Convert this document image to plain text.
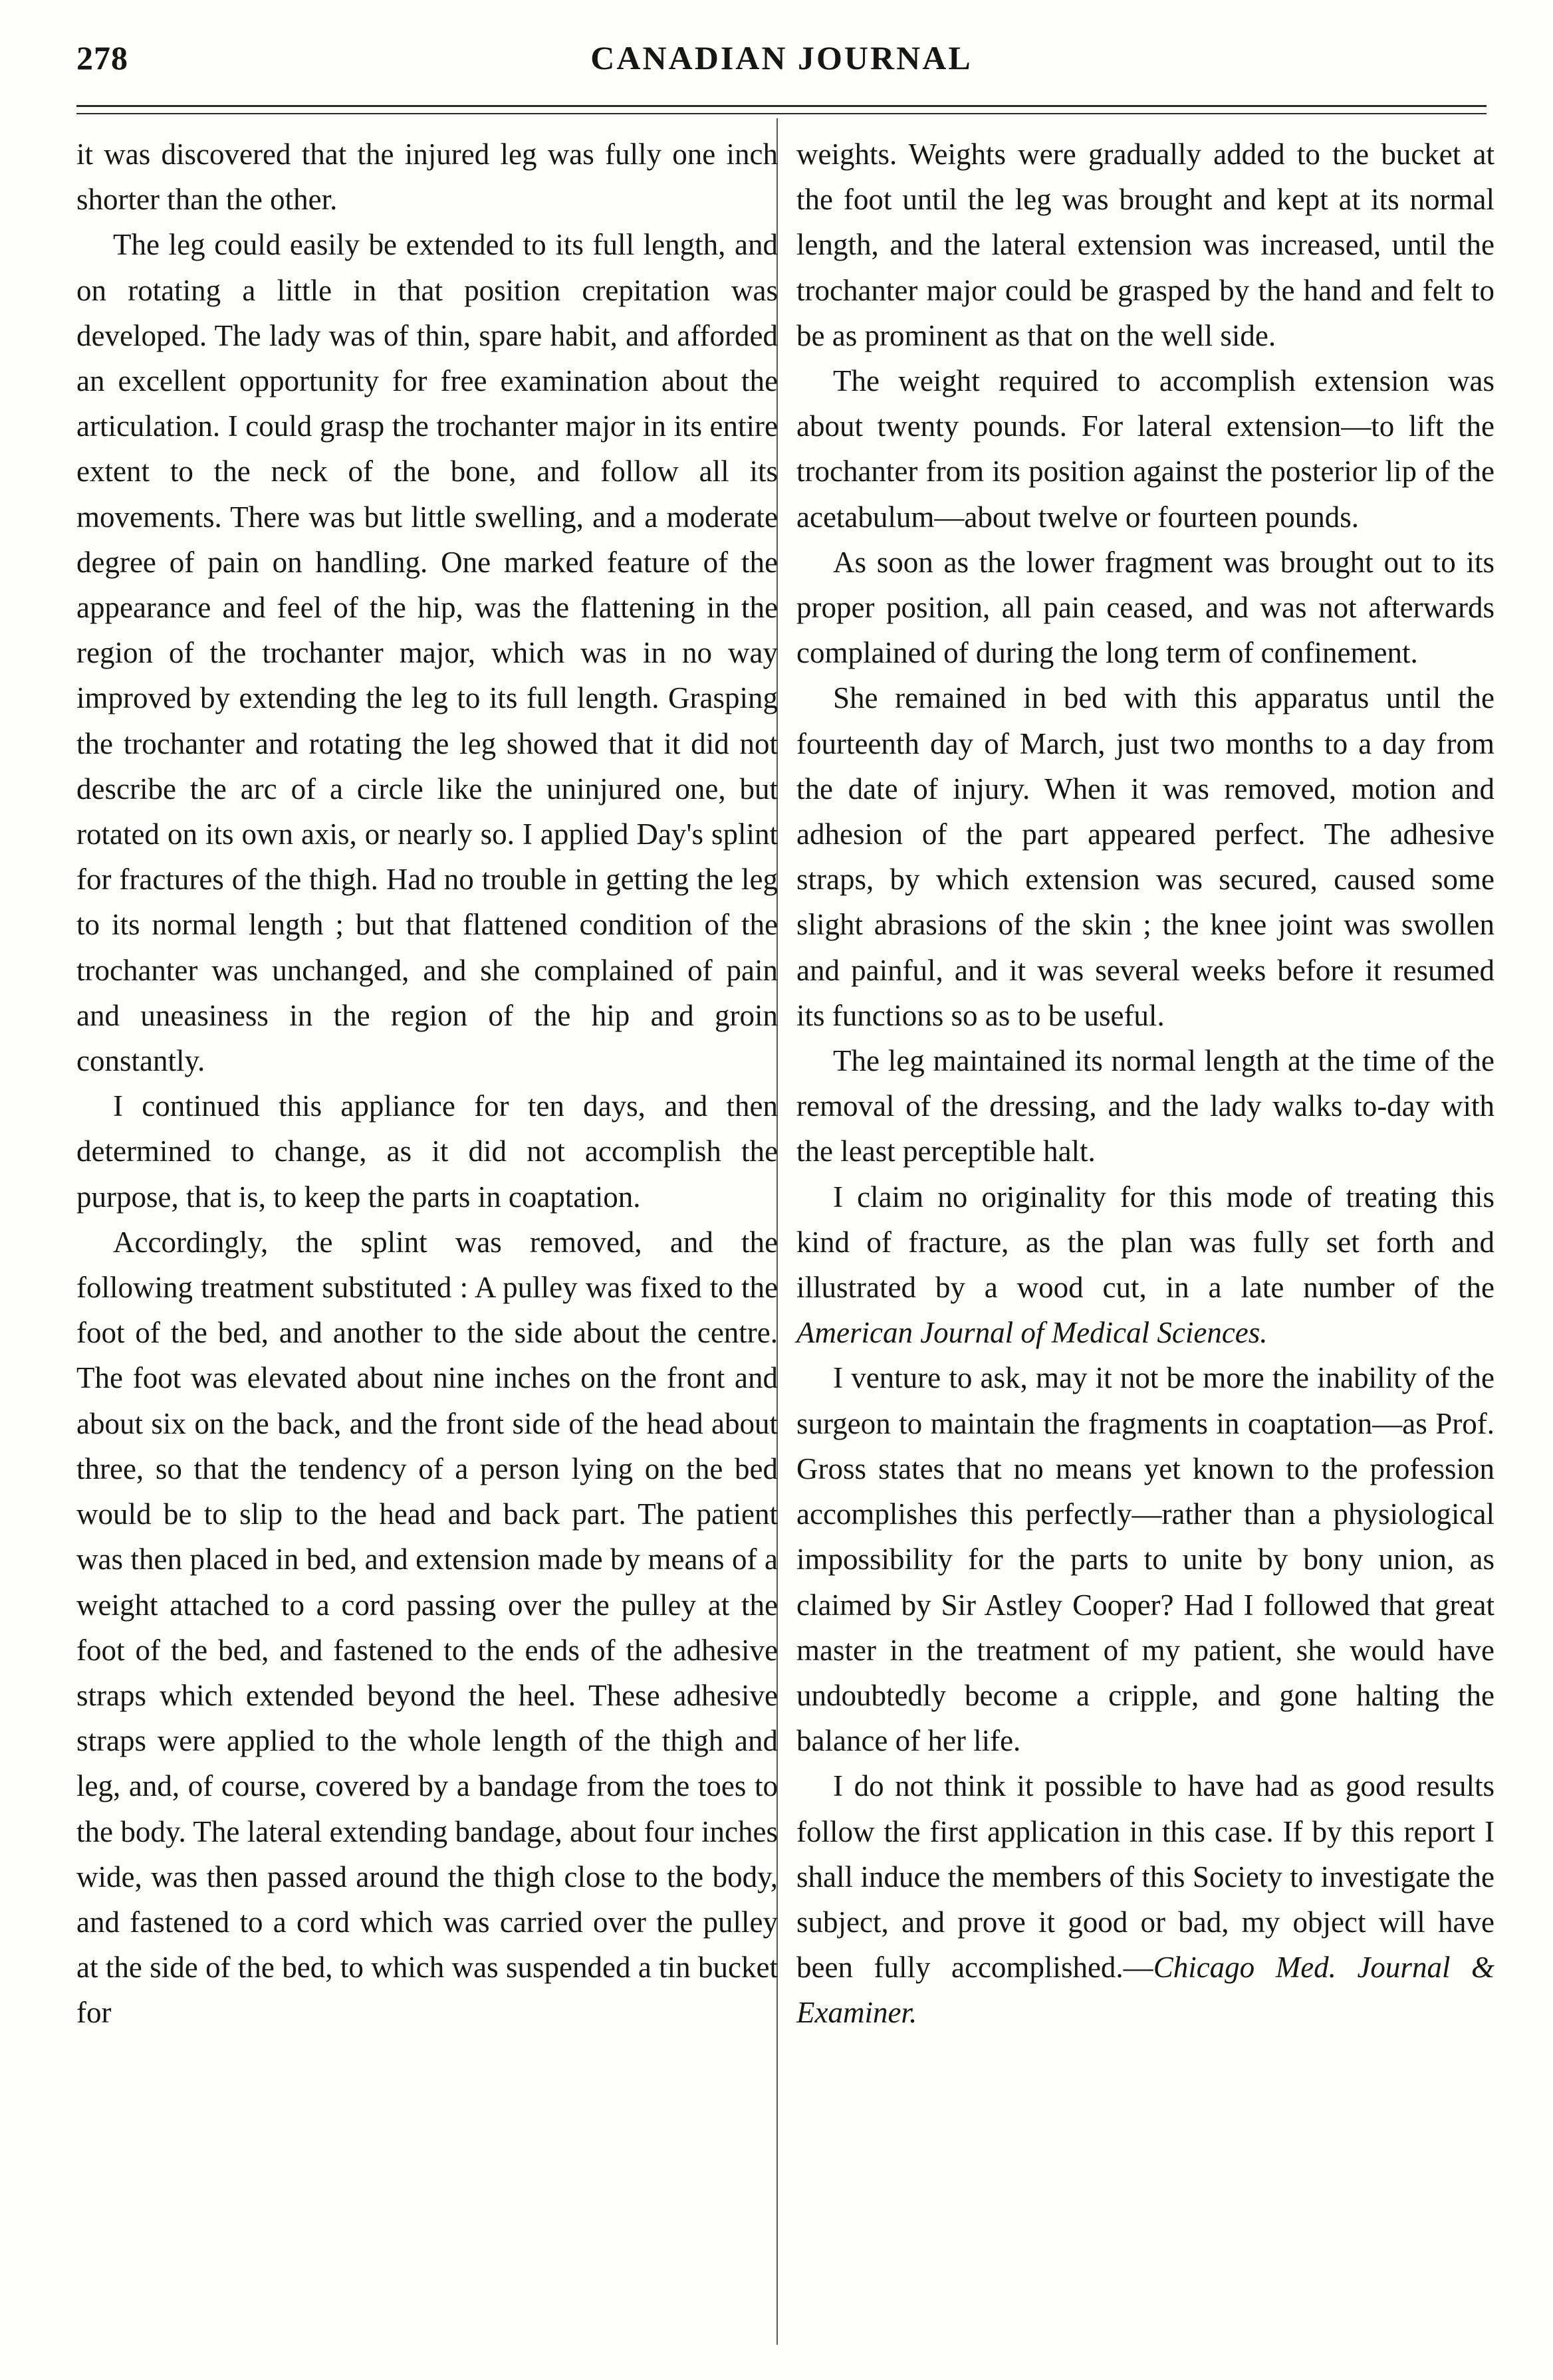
278	CANADIAN JOURNAL

it was discovered that the injured leg was fully one inch shorter than the other.

The leg could easily be extended to its full length, and on rotating a little in that position crepitation was developed. The lady was of thin, spare habit, and afforded an excellent opportunity for free examination about the articulation. I could grasp the trochanter major in its entire extent to the neck of the bone, and follow all its movements. There was but little swelling, and a moderate degree of pain on handling. One marked feature of the appearance and feel of the hip, was the flattening in the region of the trochanter major, which was in no way improved by extending the leg to its full length. Grasping the trochanter and rotating the leg showed that it did not describe the arc of a circle like the uninjured one, but rotated on its own axis, or nearly so. I applied Day's splint for fractures of the thigh. Had no trouble in getting the leg to its normal length ; but that flattened condition of the trochanter was unchanged, and she complained of pain and uneasiness in the region of the hip and groin constantly.

I continued this appliance for ten days, and then determined to change, as it did not accomplish the purpose, that is, to keep the parts in coaptation.

Accordingly, the splint was removed, and the following treatment substituted : A pulley was fixed to the foot of the bed, and another to the side about the centre. The foot was elevated about nine inches on the front and about six on the back, and the front side of the head about three, so that the tendency of a person lying on the bed would be to slip to the head and back part. The patient was then placed in bed, and extension made by means of a weight attached to a cord passing over the pulley at the foot of the bed, and fastened to the ends of the adhesive straps which extended beyond the heel. These adhesive straps were applied to the whole length of the thigh and leg, and, of course, covered by a bandage from the toes to the body. The lateral extending bandage, about four inches wide, was then passed around the thigh close to the body, and fastened to a cord which was carried over the pulley at the side of the bed, to which was suspended a tin bucket for

weights. Weights were gradually added to the bucket at the foot until the leg was brought and kept at its normal length, and the lateral extension was increased, until the trochanter major could be grasped by the hand and felt to be as prominent as that on the well side.

The weight required to accomplish extension was about twenty pounds. For lateral extension—to lift the trochanter from its position against the posterior lip of the acetabulum—about twelve or fourteen pounds.

As soon as the lower fragment was brought out to its proper position, all pain ceased, and was not afterwards complained of during the long term of confinement.

She remained in bed with this apparatus until the fourteenth day of March, just two months to a day from the date of injury. When it was removed, motion and adhesion of the part appeared perfect. The adhesive straps, by which extension was secured, caused some slight abrasions of the skin ; the knee joint was swollen and painful, and it was several weeks before it resumed its functions so as to be useful.

The leg maintained its normal length at the time of the removal of the dressing, and the lady walks to-day with the least perceptible halt.

I claim no originality for this mode of treating this kind of fracture, as the plan was fully set forth and illustrated by a wood cut, in a late number of the American Journal of Medical Sciences.

I venture to ask, may it not be more the inability of the surgeon to maintain the fragments in coaptation—as Prof. Gross states that no means yet known to the profession accomplishes this perfectly—rather than a physiological impossibility for the parts to unite by bony union, as claimed by Sir Astley Cooper? Had I followed that great master in the treatment of my patient, she would have undoubtedly become a cripple, and gone halting the balance of her life.

I do not think it possible to have had as good results follow the first application in this case. If by this report I shall induce the members of this Society to investigate the subject, and prove it good or bad, my object will have been fully accomplished.—Chicago Med. Journal & Examiner.
